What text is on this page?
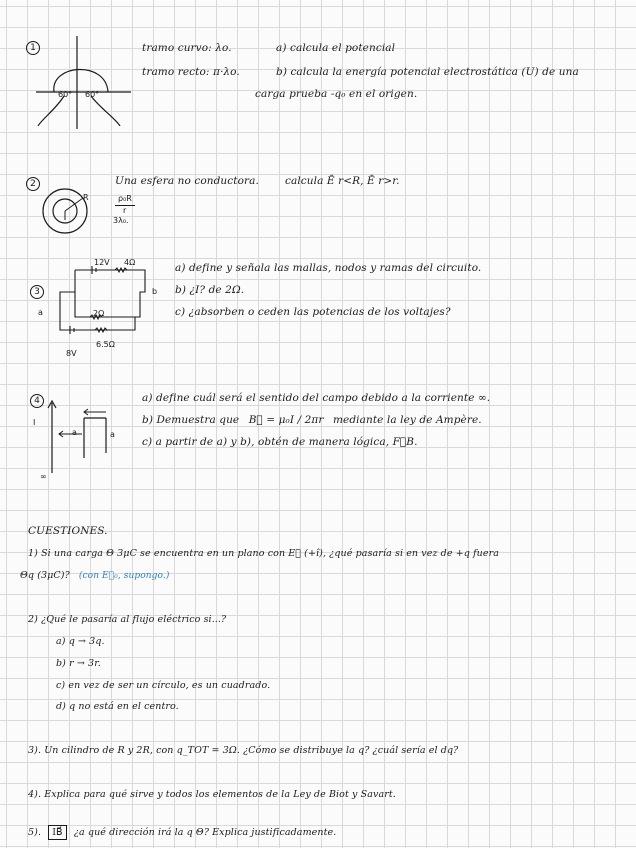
1
60° 60°
tramo curvo: λo.
tramo recto: π·λo.
a) calcula el potencial
b) calcula la energía potencial electrostática (U) de una
carga prueba -q₀ en el origen.
2
R	ρ₀R
r
3λ₀.
Una esfera no conductora. calcula Ē r<R, Ē r>r.
3
12V 4Ω
2Ω
6.5Ω
8V
a
b
a) define y señala las mallas, nodos y ramas del circuito.
b) ¿I? de 2Ω.
c) ¿absorben o ceden las potencias de los voltajes?
4
I
a	a
∞
a) define cuál será el sentido del campo debido a la corriente ∞.
b) Demuestra que B⃗ = μ₀I / 2πr mediante la ley de Ampère.
c) a partir de a) y b), obtén de manera lógica, F⃗B.
CUESTIONES.
1) Si una carga Θ 3μC se encuentra en un plano con E⃗ (+î), ¿qué pasaría si en vez de +q fuera
Θq (3μC)? (con E⃗₀, supongo.)
2) ¿Qué le pasaría al flujo eléctrico si...?
a) q → 3q.
b) r → 3r.
c) en vez de ser un círculo, es un cuadrado.
d) q no está en el centro.
3). Un cilindro de R y 2R, con q_TOT = 3Ω. ¿Cómo se distribuye la q? ¿cuál sería el dq?
4). Explica para qué sirve y todos los elementos de la Ley de Biot y Savart.
5). IB⃗ ¿a qué dirección irá la q Θ? Explica justificadamente.
